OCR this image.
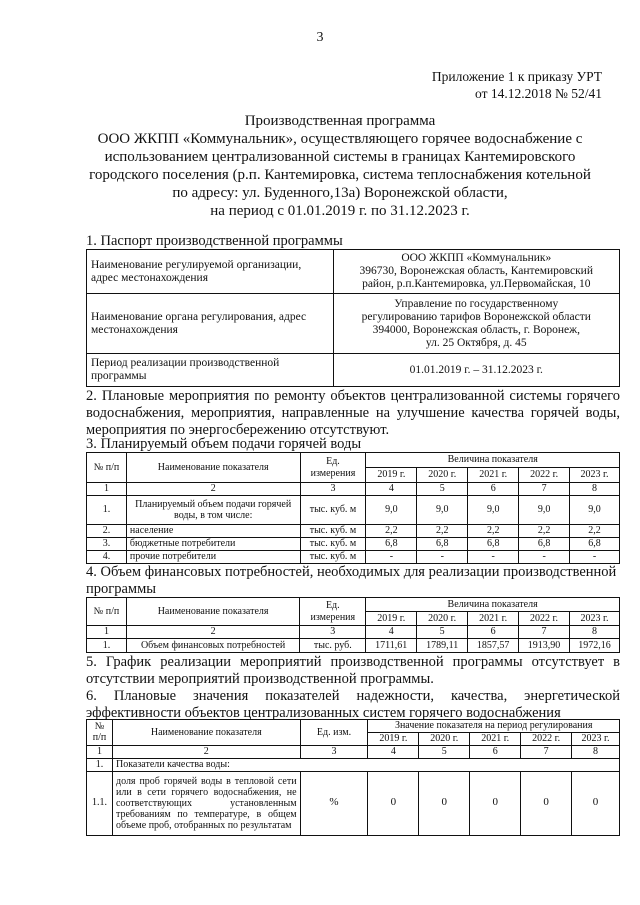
3
Приложение 1 к приказу УРТ
от 14.12.2018 № 52/41
Производственная программа
ООО ЖКПП «Коммунальник», осуществляющего горячее водоснабжение с
использованием централизованной системы в границах Кантемировского
городского поселения (р.п. Кантемировка, система теплоснабжения котельной
по адресу: ул. Буденного,13а) Воронежской области,
на период с 01.01.2019 г. по 31.12.2023 г.
1. Паспорт производственной программы
Наименование регулируемой организации, адрес местонахождения	ООО ЖКПП «Коммунальник»
396730, Воронежская область, Кантемировский
район, р.п.Кантемировка, ул.Первомайская, 10

Наименование органа регулирования, адрес местонахождения	Управление по государственному
регулированию тарифов Воронежской области
394000, Воронежская область, г. Воронеж,
ул. 25 Октября, д. 45

Период реализации производственной программы	01.01.2019 г. – 31.12.2023 г.
2. Плановые мероприятия по ремонту объектов централизованной системы горячего водоснабжения, мероприятия, направленные на улучшение качества горячей воды, мероприятия по энергосбережению отсутствуют.
3. Планируемый объем подачи горячей воды
№ п/п	Наименование показателя	Ед. измерения	Величина показателя				
			2019 г.	2020 г.	2021 г.	2022 г.	2023 г.
1	2	3	4	5	6	7	8
1.	Планируемый объем подачи горячей воды, в том числе:	тыс. куб. м	9,0	9,0	9,0	9,0	9,0
2.	население	тыс. куб. м	2,2	2,2	2,2	2,2	2,2
3.	бюджетные потребители	тыс. куб. м	6,8	6,8	6,8	6,8	6,8
4.	прочие потребители	тыс. куб. м	-	-	-	-	-
4. Объем финансовых потребностей, необходимых для реализации производственной программы
№ п/п	Наименование показателя	Ед. измерения	Величина показателя				
			2019 г.	2020 г.	2021 г.	2022 г.	2023 г.
1	2	3	4	5	6	7	8
1.	Объем финансовых потребностей	тыс. руб.	1711,61	1789,11	1857,57	1913,90	1972,16
5. График реализации мероприятий производственной программы отсутствует в отсутствии мероприятий производственной программы.
6. Плановые значения показателей надежности, качества, энергетической эффективности объектов централизованных систем горячего водоснабжения
№ п/п	Наименование показателя	Ед. изм.	Значение показателя на период регулирования				
			2019 г.	2020 г.	2021 г.	2022 г.	2023 г.
1	2	3	4	5	6	7	8
1.	Показатели качества воды:						
1.1.	доля проб горячей воды в тепловой сети или в сети горячего водоснабжения, не соответствующих установленным требованиям по температуре, в общем объеме проб, отобранных по результатам	%	0	0	0	0	0
